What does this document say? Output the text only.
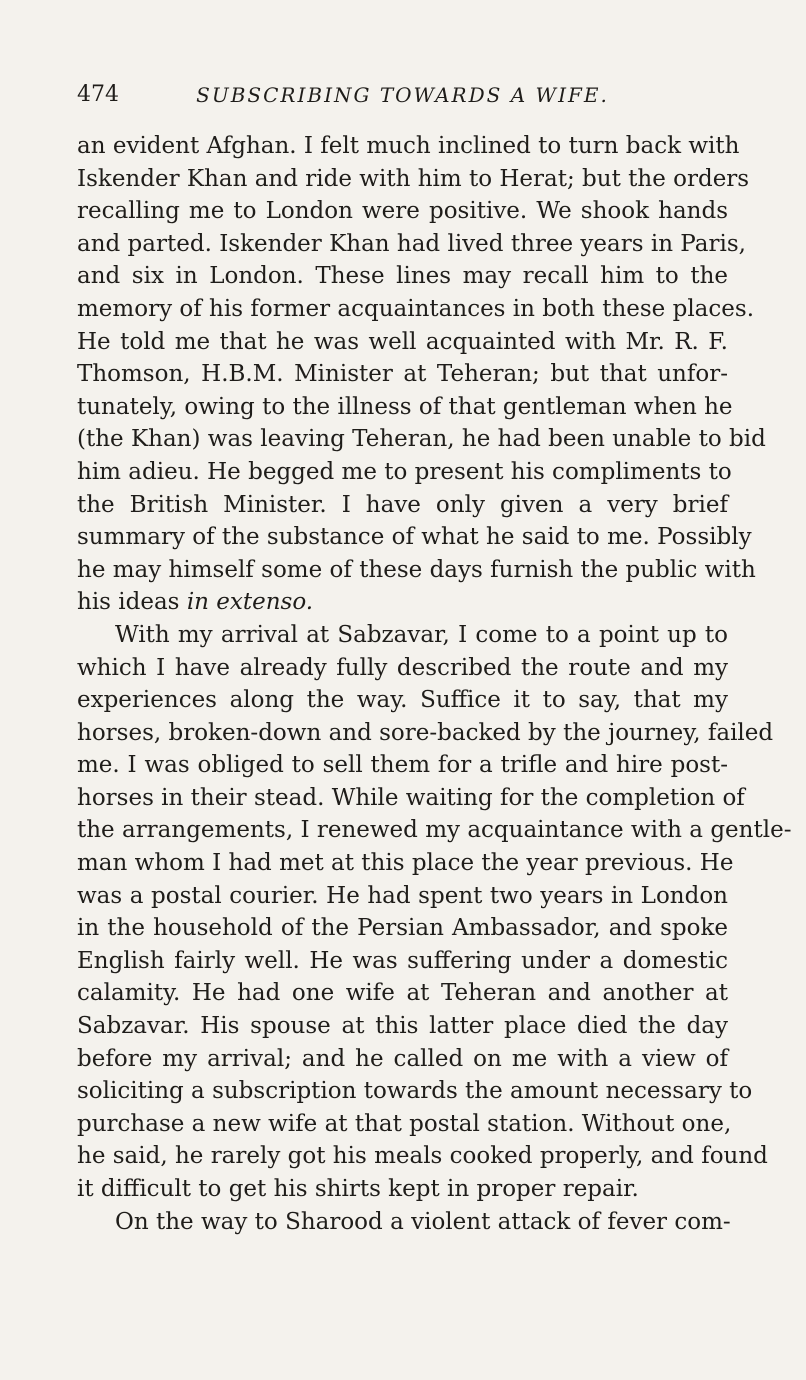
474	SUBSCRIBING TOWARDS A WIFE.
an evident Afghan. I felt much inclined to turn back with
Iskender Khan and ride with him to Herat; but the orders
recalling me to London were positive. We shook hands
and parted. Iskender Khan had lived three years in Paris,
and six in London. These lines may recall him to the
memory of his former acquaintances in both these places.
He told me that he was well acquainted with Mr. R. F.
Thomson, H.B.M. Minister at Teheran; but that unfor-
tunately, owing to the illness of that gentleman when he
(the Khan) was leaving Teheran, he had been unable to bid
him adieu. He begged me to present his compliments to
the British Minister. I have only given a very brief
summary of the substance of what he said to me. Possibly
he may himself some of these days furnish the public with
his ideas in extenso.
With my arrival at Sabzavar, I come to a point up to
which I have already fully described the route and my
experiences along the way. Suffice it to say, that my
horses, broken-down and sore-backed by the journey, failed
me. I was obliged to sell them for a trifle and hire post-
horses in their stead. While waiting for the completion of
the arrangements, I renewed my acquaintance with a gentle-
man whom I had met at this place the year previous. He
was a postal courier. He had spent two years in London
in the household of the Persian Ambassador, and spoke
English fairly well. He was suffering under a domestic
calamity. He had one wife at Teheran and another at
Sabzavar. His spouse at this latter place died the day
before my arrival; and he called on me with a view of
soliciting a subscription towards the amount necessary to
purchase a new wife at that postal station. Without one,
he said, he rarely got his meals cooked properly, and found
it difficult to get his shirts kept in proper repair.
On the way to Sharood a violent attack of fever com-
